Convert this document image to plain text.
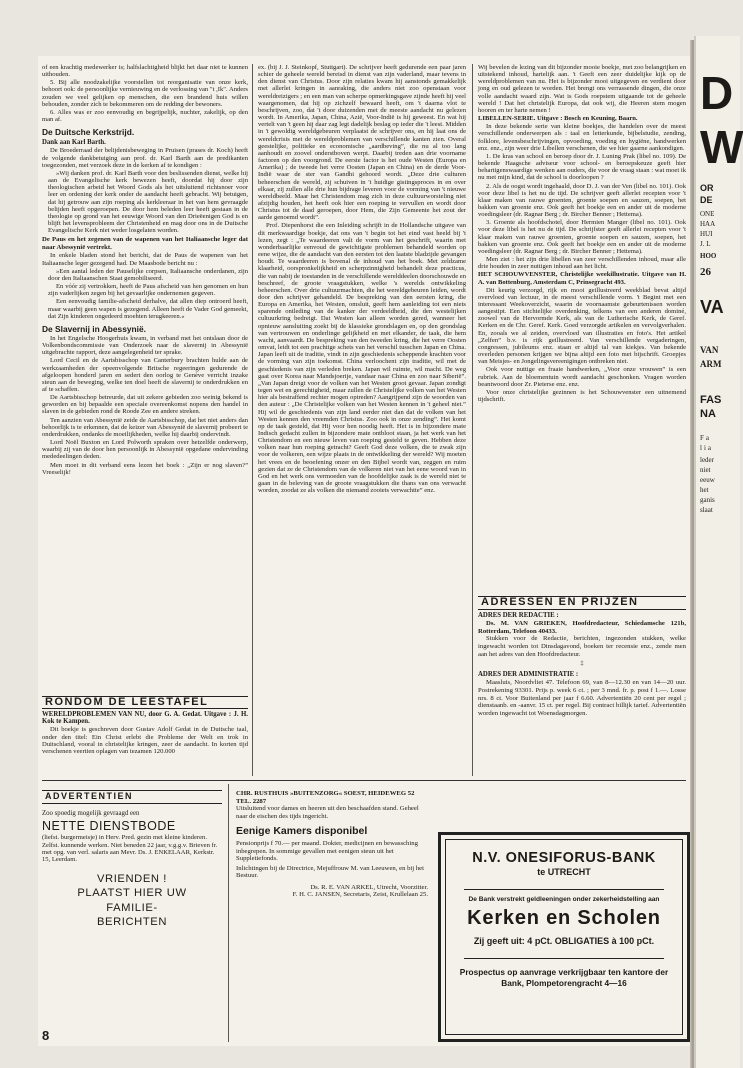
of een krachtig medewerker is; halfslachtigheid blijkt het daar niet te kunnen uithouden.

5. Bij alle noodzakelijke voorstellen tot reorganisatie van onze kerk, behoort ook: de persoonlijke vernieuwing en de verlossing van "t ,Ik". Anders zouden we veel gelijken op menschen, die een brandend huis willen behouden, zonder zich te bekommeren om de redding der bewoners.

6. Alles was er zoo eenvoudig en begrijpelijk, nuchter, zakelijk, op den man af.

De Duitsche Kerkstrijd.
Dank aan Karl Barth.

De Broederraad der belijdenisbeweging in Pruisen (prases dr. Koch) heeft de volgende dankbetuiging aan prof. dr. Karl Barth aan de predikanten toegezonden, met verzoek deze in de kerken af te kondigen :

»Wij danken prof. dr. Karl Barth voor den beslissenden dienst, welke hij aan de Evangelische kerk bewezen heeft, doordat hij door zijn theologischen arbeid het Woord Gods als het uitsluitend richtsnoer voor leer en ordening der kerk onder de aandacht heeft gebracht. Wij betuigen, dat hij getrouw aan zijn roeping als kerkleeraar in het van hem gevraagde belijden heeft opgeroepen. De door hem beleden leer heeft gestaan in de theologie op grond van het eeuwige Woord van den Drieëenigen God is en blijft het levensprobleem der Christenheid en mag door ons in de Duitsche Evangelische Kerk niet weder losgelaten worden.

De Paus en het zegenen van de wapenen van het Italiaansche leger dat naar Abessynië vertrekt.

In enkele bladen stond het bericht, dat de Paus de wapenen van het Italiaansche leger gezegend had. De Maasbode bericht nu :

»Een aantal leden der Pauselijke corpsen, Italiaansche onderdanen, zijn door den Italiaanschen Staat gemobiliseerd.

En vóór zij vertrokken, heeft de Paus afscheid van hen genomen en hun zijn vaderlijken zegen bij het gevaarlijke ondernemen gegeven.

Een eenvoudig familie-afscheid derhalve, dat allen diep ontroerd heeft, maar waarbij geen wapen is gezegend. Alleen heeft de Vader God gemeekt, dat Zijn kinderen ongedeerd moehten terugkeeren.«

De Slavernij in Abessynië.

In het Engelsche Hoogerhuis kwam, in verband met het ontslaan door de Volkenbondscommissie van Onderzoek naar de slavernij in Abessynië uitgebrachte rapport, deze aangelegenheid ter sprake.

Lord Cecil en de Aartsbisschop van Canterbury brachten hulde aan de werkzaamheden der opeenvolgende Britsche regeeringen gedurende de afgeloopen honderd jaren en sedert den oorlog te Genève verricht inzake steun aan de beweging, welke ten doel heeft de slavernij te onderdrukken en af te schaffen.

De Aartsbisschop betreurde, dat uit zekere gebieden zoo weinig bekend is geworden en bij bepaalde een speciale overeenkomst nopens den handel in slaven in de gebieden rond de Roode Zee en andere streken.

Ten aanzien van Abessynië zeide de Aartsbisschop, dat het niet anders dan behoorlijk is te erkennen, dat de keizer van Abessynië de slavernij probeert te onderdrukken, ondanks de moeilijkheden, welke hij daarbij ondervindt.

Lord Noël Buxton en Lord Polworth spraken over hetzelfde onderwerp, waarbij zij van de door hen persoonlijk in Abessynië opgedane ondervinding mededeelingen deden.

Men moet in dit verband eens lezen het boek : „Zijn er nog slaven?” Vreeselijk!

RONDOM DE LEESTAFEL
WERELDPROBLEMEN VAN NU, door G. A. Gedat. Uitgave : J. H. Kok te Kampen.

Dit boekje is geschreven door Gustav Adolf Gedat in de Duitsche taal, onder den titel: Ein Christ erlebt die Probleme der Welt en trok in Duitschland, vooral in christelijke kringen, zeer de aandacht. In korten tijd verschenen veertien oplagen van tezamen 120.000

ex. (bij J. J. Steinkopf, Stuttgart). De schrijver heeft gedurende een paar jaren schier de geheele wereld bereisd in dienst van zijn vaderland, maar tevens in den dienst van Christus. Door zijn relaties kwam hij aanstonds gemakkelijk met allerlei kringen in aanraking, die anders niet zoo openstaan voor wereldreizigers ; en een man van scherpe opmerkingsgave zijnde heeft hij veel waargenomen, dat hij op zichzelf bewaard heeft, om 't daarna vlot te beschrijven, zoo, dat 't door duizenden met de meeste aandacht nu gelezen wordt. In Amerika, Japan, China, Azië, Voor-Indië is hij geweest. En wat hij vertelt van 't geen hij daar zag legt dadelijk beslag op ieder die 't leest. Midden in 't gewoldig wereldgebeuren verplaatst de schrijver ons, en hij laat ons de wereldcrisis met de wereldproblemen van verschillende kanten zien. Overal geestelijke, politieke en economische „aardbeving”, die nu al too lang aanhoudt en zoovel onderstboven werpt. Daarbij treden aan drie voorname factoren op den voorgrond. De eerste factor is het oude Westen (Europa en Amerika) ; de tweede het verre Oosten (Japan en China) en de derde Voor-Indië waar de ster van Gandhi gehoord wordt. „Deze drie culturen beheerschen de wereld, zij schuiven in 't huidige gistingsproces in en over elkaar, zij zullen alle drie hun bijdrage leveren voor de vorming van 't nieuwe wereldbeeld. Maar het Christendom mag zich in deze cultuurworsteling niet afzijdig houden, het heeft ook hier een roeping te vervullen en wordt door Christus tot de daad geroepen, door Hem, die Zijn Gemeente het zout der aarde genoemd wordt”.

Prof. Diepenhorst die een Inleiding schrijft in de Hollandsche uitgave van dit merkwaardige boekje, dat ons van 't begin tot het eind vast heeld bij 't lezen, zegt : „Te waardeeren valt de vorm van het geschrift, waarin met wonderbaarlijke eenvoud de gewichtigste problemen behandeld worden op eene wijze, die de aandacht van den eersten tot den laatste bladzijde gevangen houdt. Te waardeeren is bovenal de inhoud van het boek. Met zeldzame klaarheid, oorspronkelijkheid en scherpzinnigheid behandelt deze practicus, die van nabij de toestanden in de verschillende werelddeelen doorschouwde en beschreef, de groote vraagstukken, welke 's werelds ontwikkeling beheerschen. Over drie cultuurmachten, die het wereldgebeuren leiden, wordt door den schrijver gehandeld. De bespreking van den eersten kring, die Europa en Amerika, het Westen, omsluit, geeft hem aanleiding tot een niets sparende ontleding van de kanker der verdeeldheid, die den westelijken cultuurkring bedreigt. Dat Westen kan alleen worden gered, wanneer het opnieuw aansluiting zoekt bij de klassieke grondslagen en, op den grondslag van vertrouwen en onderlinge gelijkheid en met elkander, de taak, die hem wacht, aanvaardt. De bespreking van den tweeden kring, die het verre Oosten omvat, leidt tot een prachtige schets van het verschil tusschen Japan en China. Japan leeft uit de traditie, vindt in zijn geschiedenis scheppende krachten voor de vorming van zijn toekomst. China verloochent zijn traditie, wil met de geschiedenis van zijn verleden breken. Japan wil ruimte, wil macht. De weg gaat over Korea naar Mandsjoerije, vandaar naar China en zoo naar Siberië”. „Van Japan dreigt voor de volken van het Westen groot gevaar. Japan zondigt tegen wet en gerechtigheid, maar zullen de Christelijke volken van het Westen hier als bestraffend rechter mogen optreden? Aangrijpend zijn de woorden van den auteur : „De Christelijke volken van het Westen kennen in 't geheel niet.” Hij wil de geschiedenis van zijn land eerder niet dan dat de volken van het Westen kennen den vreemden Christus. Zoo ook in onze zending”. Het komt op de taak gesteld, dat Hij voor hen noodig heeft. Het is in bijzondere mate Indisch gedacht zullen in bijzondere mate ontbloot staan, ja het werk van het Christendom en een nieuw leven van roeping gesteld te geven. Hebben deze volken naar hun roeping getracht? Geeft God deze volken, die te zwak zijn voor de volkeren, een wijze plaats in de ontwikkeling der wereld? Wij moeten het vrees en de beoefening onzer en den Bijbel wordt van, zeggen en ruim gezien dat ze de Christendom van de volkeren niet van het eene woord van in God en het werk ons vermoeden van de hoofdelijke zaak is de wereld niet te gaan in de beleving van de groote vraagstukken die thans van ons verwacht worden, zoodat ze als volken die niemand zooiets verwachtte” enz.

Wij bevelen de lezing van dit bijzonder mooie boekje, met zoo belangrijken en uitstekend inhoud, hartelijk aan. 't Geeft een zeer duidelijke kijk op de wereldproblemen van nu. Het is bijzonder mooi uitgegeven en verdient door jong en oud gelezen te worden. Het brengt ons verrassende dingen, die onze volle aandacht waard zijn. Wat is Gods roepstem uitgaande tot de geheele wereld ! Dat het christelijk Europa, dat ook wij, die Heeren stem mogen hooren en ter harte nemen !

LIBELLEN-SERIE. Uitgave : Bosch en Keuning, Baarn.

In deze bekende serie van kleine boekjes, die handelen over de meest verschillende onderwerpen als : taal en letterkunde, bijbelstudie, zending, folklore, levensbeschrijvingen, opvoeding, voeding en hygiëne, handwerken enz. enz., zijn weer drie Libellen verschenen, die we hier gaarne aankondigen.

1. De kras van school en beroep door dr. J. Luning Prak (libel no. 109). De bekende Haagsche adviseur voor school- en beroepskeuze geeft hier behartigenswaardige wenken aan ouders, die voor de vraag staan : wat moet ik nu met mijn kind, dat de school is doorloopen ?

2. Als de oogst wordt ingehaald, door D. J. van der Ven (libel no. 101). Ook voor deze libel is het nu de tijd. De schrijver geeft allerlei recepten voor 't klaar maken van rauwe groenten, groente soepen en sauzen, soepen, het bakken van groente enz. Ook geeft het boekje een en ander uit de moderne voedingsleer (dr. Ragnar Berg ; dr. Bircher Benner ; Hettema).

3. Groente als hoofdschotel, door Hermien Manger (libel no. 101). Ook voor deze libel is het nu de tijd. De schrijfster geeft allerlei recepten voor 't klaar maken van rauwe groenten, groente soepen en sauzen, soepen, het bakken van groente enz. Ook geeft het boekje een en ander uit de moderne voedingsleer (dr. Ragnar Berg ; dr. Bircher Benner ; Hettema).

Men ziet : het zijn drie libellen van zeer verschillenden inhoud, maar alle drie houden in zeer nuttigen inhoud aan het licht.

HET SCHOUWVENSTER, Christelijke weekillustratie. Uitgave van H. A. van Bottenburg, Amsterdam C, Prinsegracht 493.

Dit keurig verzorgd, rijk en mooi geillustreerd weekblad bevat altijd overvloed van lectuur, in de meest verschillende vorm. 't Begint met een interessant Weekoverzicht, waarin de voornaamste gebeurtenissen worden aangestipt. Een stichtelijke overdenking, telkens van een anderen dominé, zoowel van de Hervormde Kerk, als van de Lutherische Kerk, de Geref. Kerken en de Chr. Geref. Kerk. Goed verzorgde artikelen en vervolgverhalen. En, zooals we al zeiden, overvloed van illustraties en foto's. Het artikel „Zelfen” b.v. is rijk geillustreerd. Van verschillende vergaderingen, congressen, jubileums enz. staan er altijd tal van kiekjes. Van bekende overleden personen krijgen we bijna altijd een foto met bijschrift. Groepjes van Meisjes- en Jongelingsvereenigingen ontbreken niet.

Ook voor nuttige en fraaie handwerken, „Voor onze vrouwen” is een rubriek. Aan de bloementuin wordt aandacht geschonken. Vragen worden beantwoord door Zr. Pieterse enz. enz.

Voor onze christelijke gezinnen is het Schouwvenster een uitnemend tijdschrift.

ADRESSEN EN PRIJZEN
ADRES DER REDACTIE :

Ds. M. VAN GRIEKEN, Hoofdredacteur, Schiedamsche 121b, Rotterdam, Telefoon 40433.

Stukken voor de Redactie, berichten, ingezonden stukken, welke ingewacht worden tot Dinsdagavond, boeken ter recensie enz., zende men aan het adres van den Hoofdredacteur.

‡
ADRES DER ADMINISTRATIE :

Maasluis, Noordvliet 47. Telefoon 69, van 8—12.30 en van 14—20 uur. Postrekening 93301. Prijs p. week 6 ct. ; per 3 mnd. fr. p. post f 1.—. Losse nrs. 8 ct. Voor Buitenland per jaar f 6.60. Advertentiën 20 cent per regel ; dienstaanb. en -aanvr. 15 ct. per regel. Bij contract billijk tarief. Advertentiën worden ingewacht tot Woensdagmorgen.

ADVERTENTIEN
Zoo spoedig mogelijk gevraagd een
NETTE DIENSTBODE
(liefst. burgermeisje) in Herv. Pred. gezin met kleine kinderen. Zelfst. kunnende werken. Niet beneden 22 jaar, v.g.g.v. Brieven fr. met opg. van verl. salaris aan Mevr. Ds. J. ENKELAAR, Kerkstr. 15, Leerdam.
VRIENDEN ! PLAATST HIER UW FAMILIE-BERICHTEN
CHR. RUSTHUIS »BUITENZORG« SOEST, HEIDEWEG 52 TEL. 2287
Uitsluitend voor dames en heeren uit den beschaafden stand. Geheel naar de eischen des tijds ingericht.
Eenige Kamers disponibel
Pensionprijs f 70.— per maand. Dokter, medicijnen en bewassching inbegrepen. In sommige gevallen met eenigen steun uit het Suppletiefonds.
Inlichtingen bij de Directrice, Mejuffrouw M. van Leeuwen, en bij het Bestuur.
Ds. R. E. VAN ARKEL, Utrecht, Voorzitter.
F. H. C. JANSEN, Secretaris, Zeist, Krullelaan 25.
N.V. ONESIFORUS-BANK
te UTRECHT
De Bank verstrekt geldleeningen onder zekerheidstelling aan
Kerken en Scholen
Zij geeft uit: 4 pCt. OBLIGATIES à 100 pCt.
Prospectus op aanvrage verkrijgbaar ten kantore der Bank, Plompetorengracht 4—16
8
D
W
OR
DE
ONE
HAA
HUI
J. L
HOO
26
VA
VAN
ARM
FAS
NA
Fa
lia
leder
niet
eeuw
het
ganis
slaat
